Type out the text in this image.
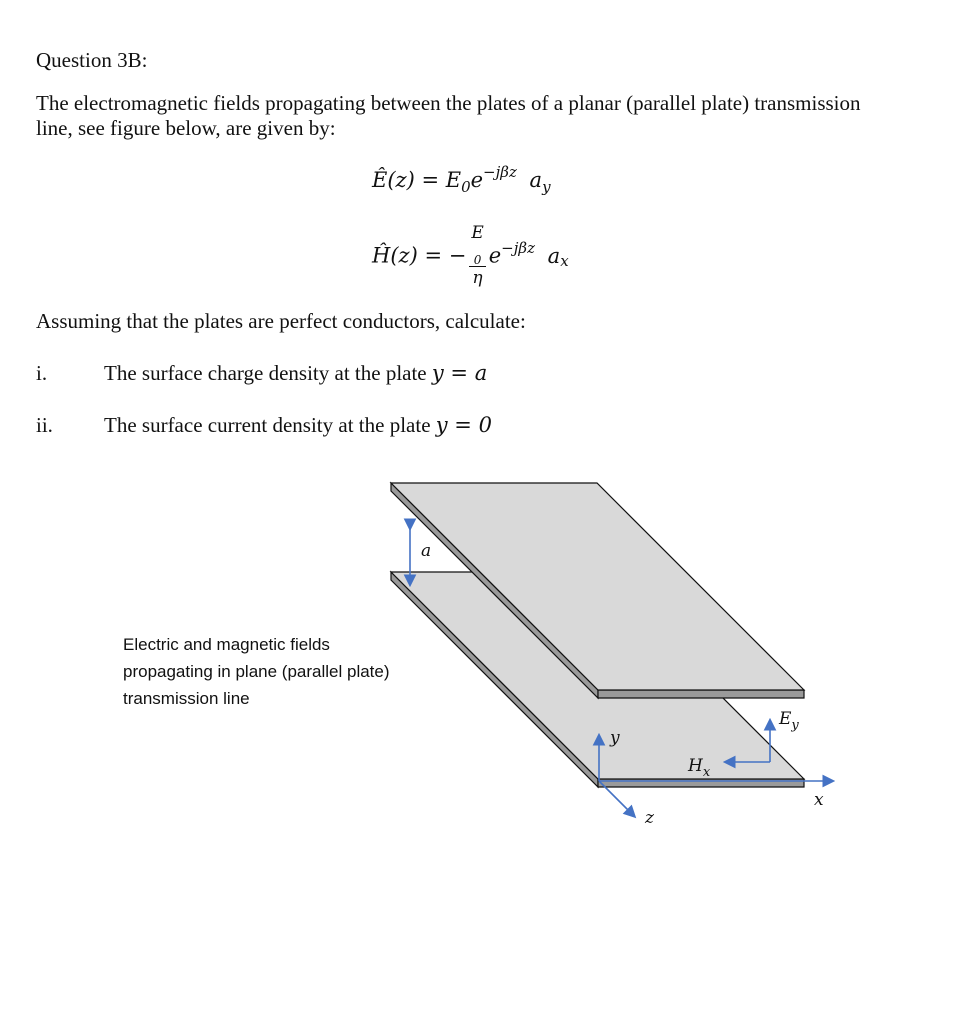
Question 3B:
The electromagnetic fields propagating between the plates of a planar (parallel plate) transmission
line, see figure below, are given by:
Ê(z) = $E_0e^{-j\beta z}$ $a_y$
Ĥ(z) = − E
0
η $e^{-j\beta z}$ $a_x$
Assuming that the plates are perfect conductors, calculate:
i.	The surface charge density at the plate y = a
ii. The surface current density at the plate y = 0
Electric and magnetic fields
propagating in plane (parallel plate)
transmission line
a
y
z
x
$H_x$
$E_y$
